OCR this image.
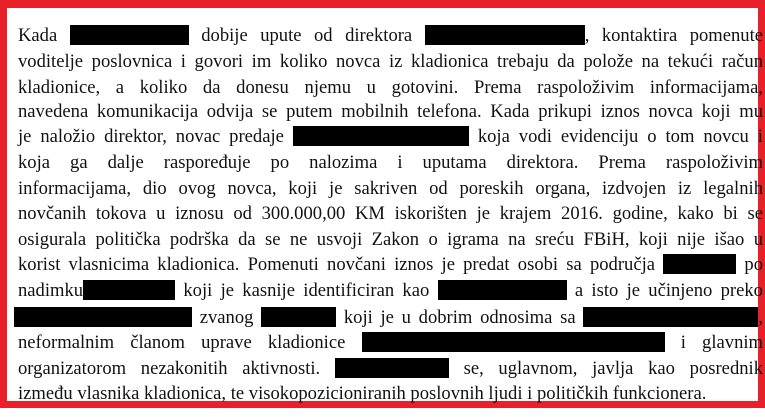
Kada	dobije upute od direktora	, kontaktira pomenute
voditelje poslovnica i govori im koliko novca iz kladionica trebaju da polože na tekući račun
kladionice, a koliko da donesu njemu u gotovini. Prema raspoloživim informacijama,
navedena komunikacija odvija se putem mobilnih telefona. Kada prikupi iznos novca koji mu
je naložio direktor, novac predaje	koja vodi evidenciju o tom novcu i
koja ga dalje raspoređuje po nalozima i uputama direktora. Prema raspoloživim
informacijama, dio ovog novca, koji je sakriven od poreskih organa, izdvojen iz legalnih
novčanih tokova u iznosu od 300.000,00 KM iskorišten je krajem 2016. godine, kako bi se
osigurala politička podrška da se ne usvoji Zakon o igrama na sreću FBiH, koji nije išao u
korist vlasnicima kladionica. Pomenuti novčani iznos je predat osobi sa područja	po
nadimku	koji je kasnije identificiran kao	a isto je učinjeno preko
zvanog	koji je u dobrim odnosima sa	,
neformalnim članom uprave kladionice	i glavnim
organizatorom nezakonitih aktivnosti.	se, uglavnom, javlja kao posrednik
između vlasnika kladionica, te visokopozicioniranih poslovnih ljudi i političkih funkcionera.
